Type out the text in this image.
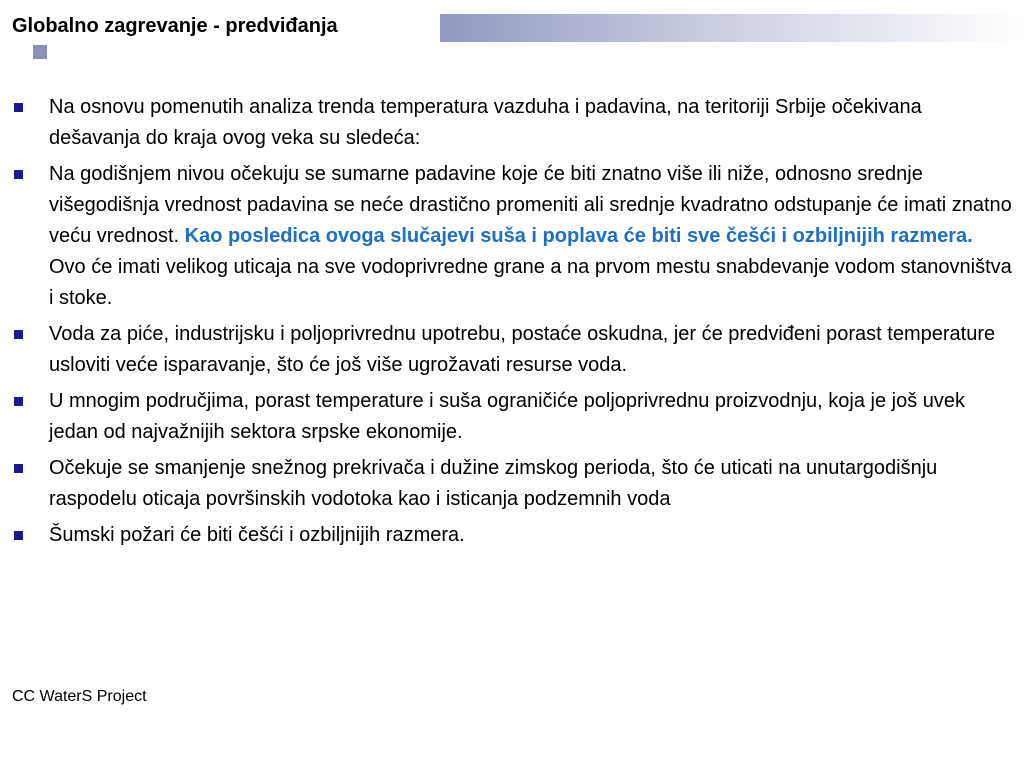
Globalno zagrevanje - predviđanja
Na osnovu pomenutih analiza trenda temperatura vazduha i padavina, na teritoriji Srbije očekivana dešavanja do kraja ovog veka su sledeća:
Na godišnjem nivou očekuju se sumarne padavine koje će biti znatno više ili niže, odnosno srednje višegodišnja vrednost padavina se neće drastično promeniti ali srednje kvadratno odstupanje će imati znatno veću vrednost. Kao posledica ovoga slučajevi suša i poplava će biti sve češći i ozbiljnijih razmera. Ovo će imati velikog uticaja na sve vodoprivredne grane a na prvom mestu snabdevanje vodom stanovništva i stoke.
Voda za piće, industrijsku i poljoprivrednu upotrebu, postaće oskudna, jer će predviđeni porast temperature usloviti veće isparavanje, što će još više ugrožavati resurse voda.
U mnogim područjima, porast temperature i suša ograničiće poljoprivrednu proizvodnju, koja je još uvek jedan od najvažnijih sektora srpske ekonomije.
Očekuje se smanjenje snežnog prekrivača i dužine zimskog perioda, što će uticati na unutargodišnju raspodelu oticaja površinskih vodotoka kao i isticanja podzemnih voda
Šumski požari će biti češći i ozbiljnijih razmera.
CC WaterS Project
